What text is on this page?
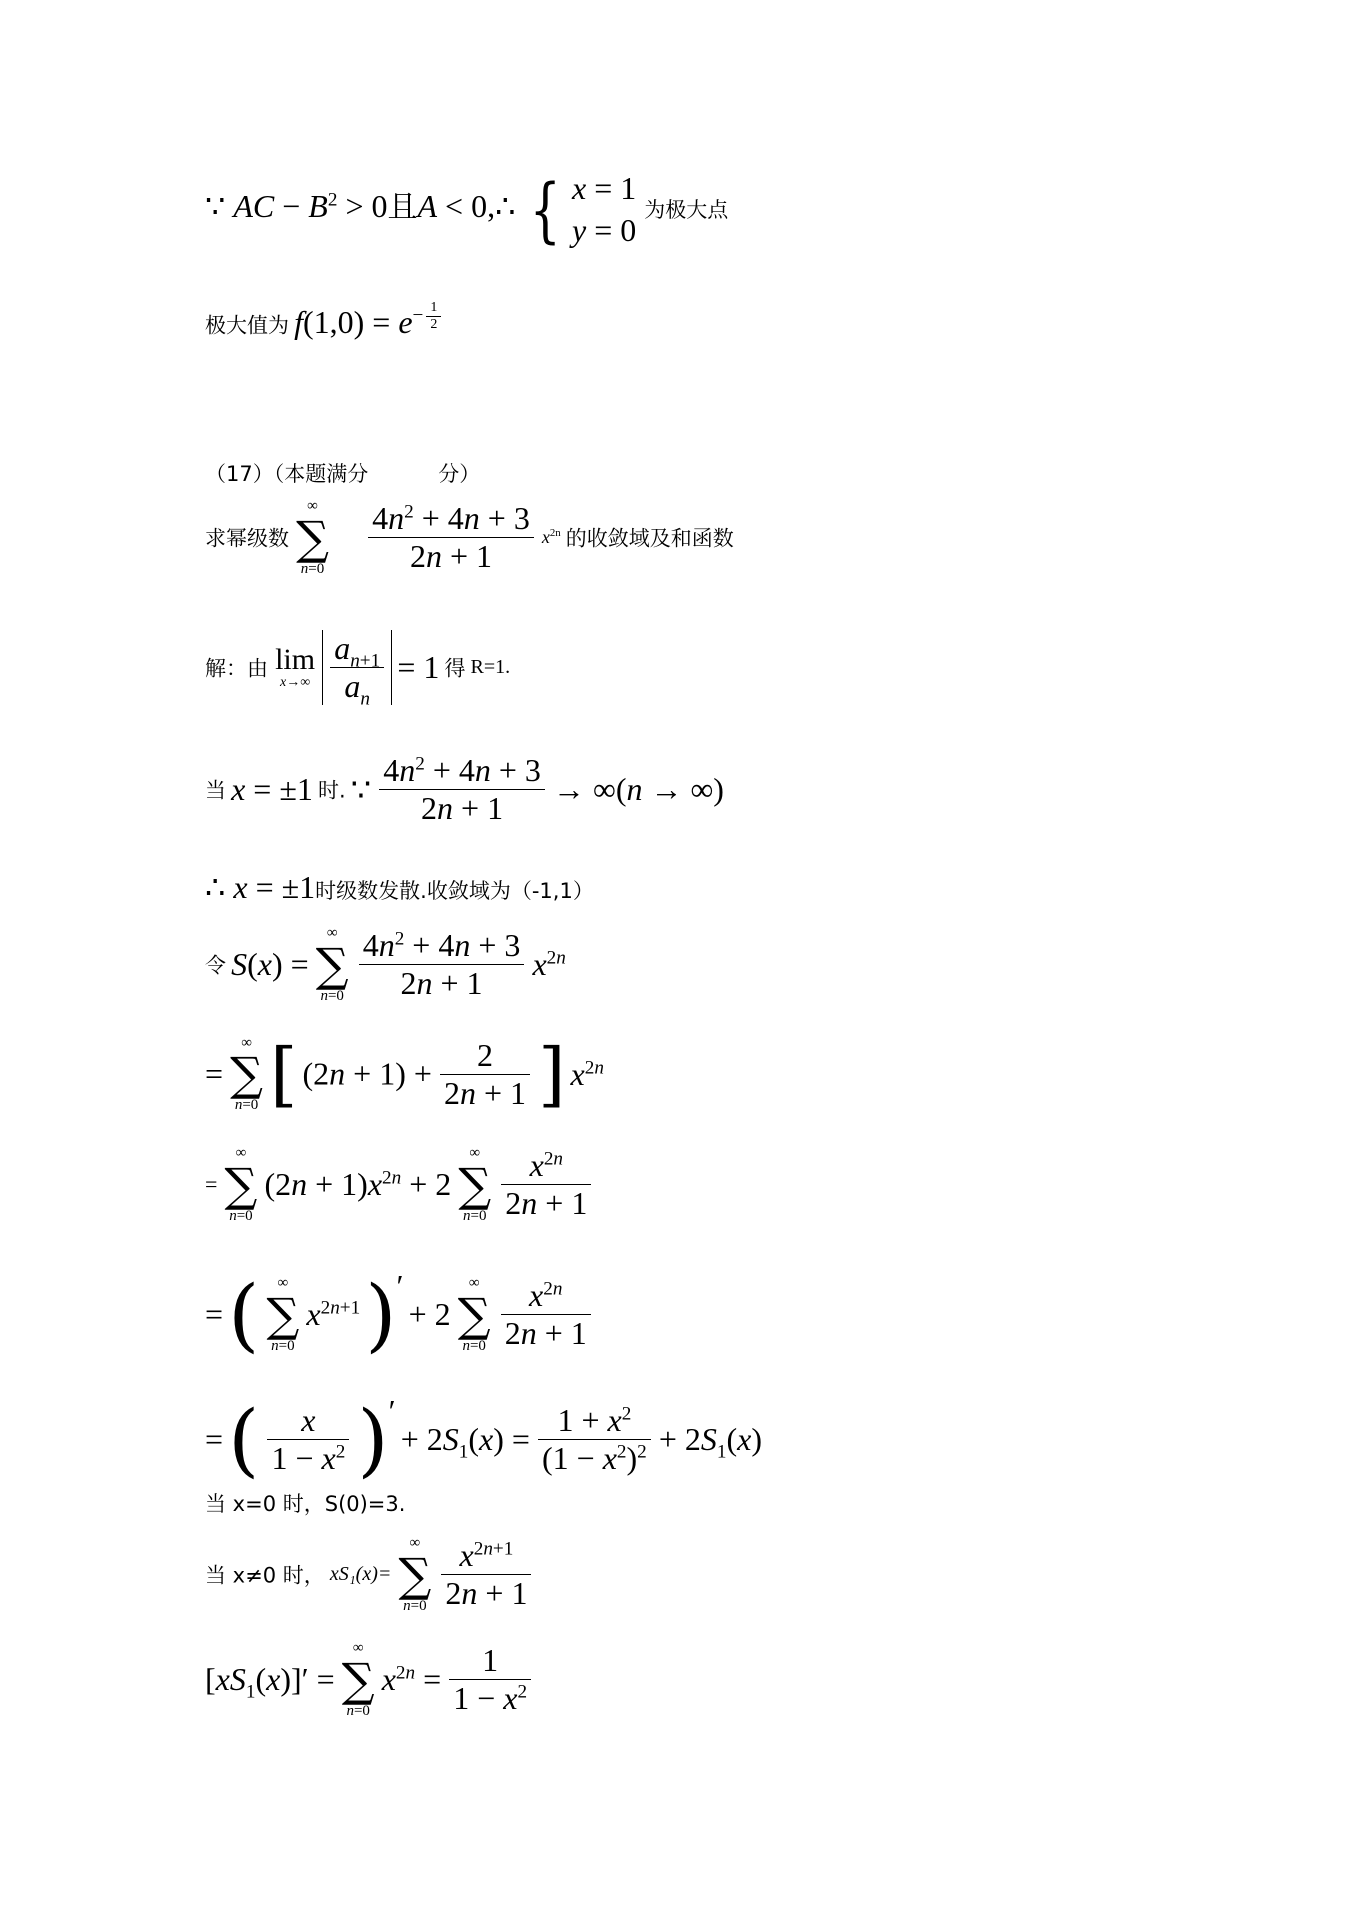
∵ AC − $B^2 > 0$且A < 0,∴ { x = 1
y = 0 为极大点
极大值为 $f(1,0) = e^{- \frac{1}{2}}$
（17）（本题满分	分）
求幂级数
∞
∑
n=0
$\frac{4n^2 + 4n + 3}{2n + 1} x^{2n}$ 的收敛域及和函数
解：由 lim
x→∞
$\frac{a_{n+1}}{a_n} = 1$ 得 R=1.
当 x = ±1 时. ∵ $\frac{4n^2 + 4n + 3}{2n + 1} \to \infty(n$ → ∞)
∴ x = ±1时级数发散.收敛域为（-1,1）
令 S(x) =
∞
∑
n=0
$\frac{4n^2 + 4n + 3}{2n + 1} x^{2n}$
=
∞
∑
n=0 [ $(2n + 1) + \frac{2}{2n + 1}$ ] $x^{2n}$
=
∞
∑
n=0
$(2n + 1)x^{2n} + 2$
∞
∑
n=0
$\frac{x^{2n}}{2n + 1}$
= ( ∞
∑
n=0
$x^{2n+1}$ )′ + 2
∞
∑
n=0
$\frac{x^{2n}}{2n + 1}$
= ( $\frac{x}{1 - x^2}$ )′ + $2S_1(x) = \frac{1 + x^2}{(1 - x^2)^2} + 2S_1(x)$
当 x=0 时，S(0)=3.
当 x≠0 时， xS₁(x)=
∞
∑
n=0
$\frac{x^{2n+1}}{2n + 1}$
$[xS_1(x)]'$ =
∞
∑
n=0
$x^{2n} = \frac{1}{1 - x^2}$
